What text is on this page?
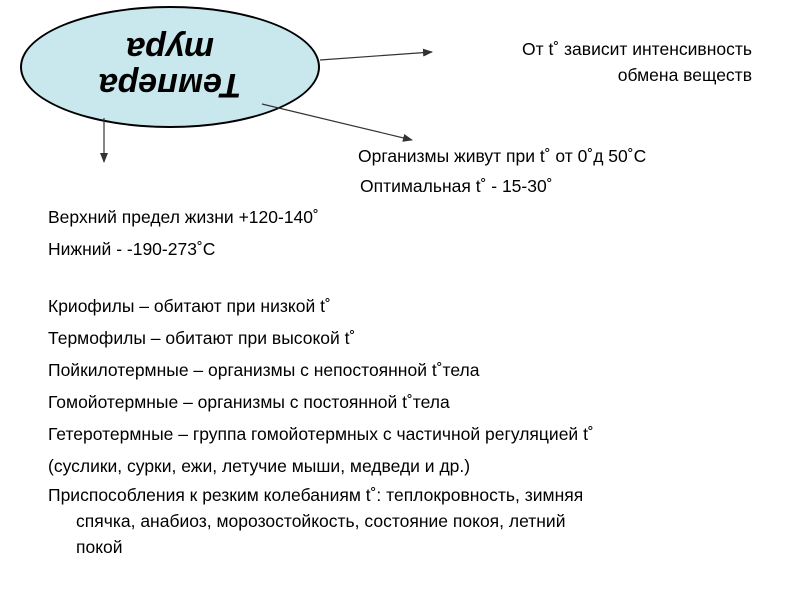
Темпера
тура	От t˚ зависит интенсивность
обмена веществ
Организмы живут при t˚ от 0˚д 50˚С
Оптимальная t˚ - 15-30˚
Верхний предел жизни +120-140˚
Нижний - -190-273˚С
Криофилы – обитают при низкой t˚
Термофилы – обитают при высокой t˚
Пойкилотермные – организмы с непостоянной t˚тела
Гомойотермные – организмы с постоянной t˚тела
Гетеротермные – группа гомойотермных с частичной регуляцией t˚
(суслики, сурки, ежи, летучие мыши, медведи и др.)
Приспособления к резким колебаниям t˚: теплокровность, зимняя
спячка, анабиоз, морозостойкость, состояние покоя, летний
покой
